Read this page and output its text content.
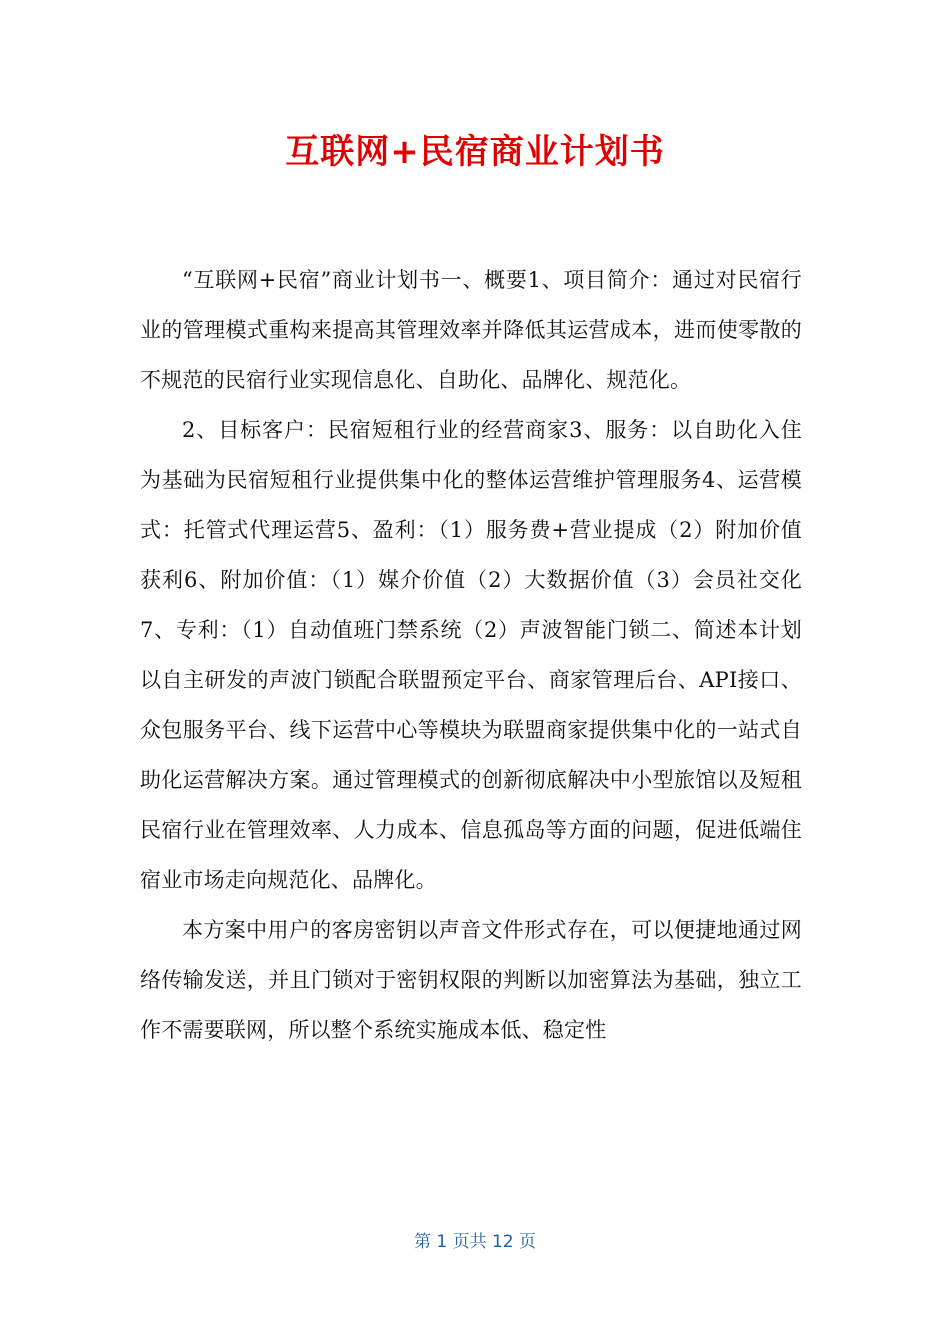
互联网+民宿商业计划书

“互联网+民宿”商业计划书一、概要1、项目简介：通过对民宿行业的管理模式重构来提高其管理效率并降低其运营成本，进而使零散的不规范的民宿行业实现信息化、自助化、品牌化、规范化。

2、目标客户：民宿短租行业的经营商家3、服务：以自助化入住为基础为民宿短租行业提供集中化的整体运营维护管理服务4、运营模式：托管式代理运营5、盈利：（1）服务费+营业提成（2）附加价值获利6、附加价值：（1）媒介价值（2）大数据价值（3）会员社交化7、专利：（1）自动值班门禁系统（2）声波智能门锁二、简述本计划以自主研发的声波门锁配合联盟预定平台、商家管理后台、API接口、众包服务平台、线下运营中心等模块为联盟商家提供集中化的一站式自助化运营解决方案。通过管理模式的创新彻底解决中小型旅馆以及短租民宿行业在管理效率、人力成本、信息孤岛等方面的问题，促进低端住宿业市场走向规范化、品牌化。

本方案中用户的客房密钥以声音文件形式存在，可以便捷地通过网络传输发送，并且门锁对于密钥权限的判断以加密算法为基础，独立工作不需要联网，所以整个系统实施成本低、稳定性

第 1 页共 12 页
